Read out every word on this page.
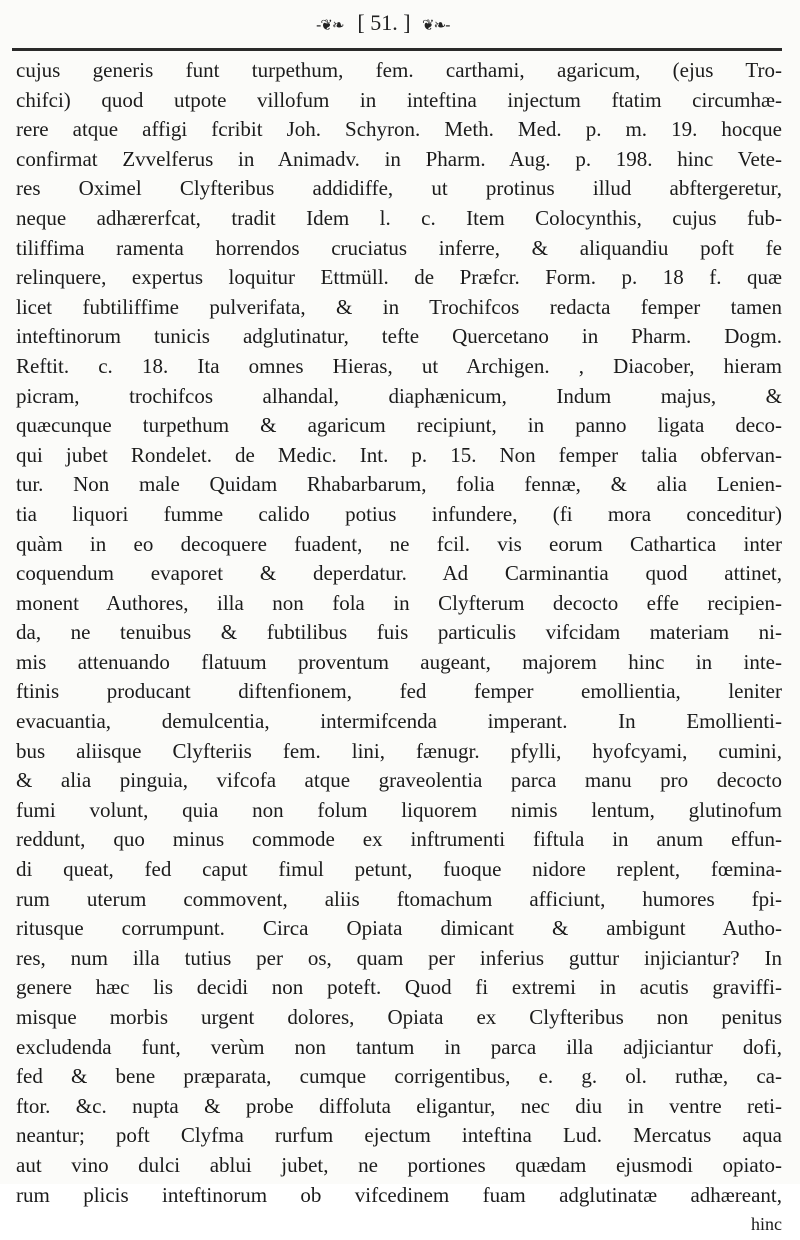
-❦❧ [ 51. ] ❦❧-
cujus generis funt turpethum, fem. carthami, agaricum, (ejus Tro-
chifci) quod utpote villofum in inteftina injectum ftatim circumhæ-
rere atque affigi fcribit Joh. Schyron. Meth. Med. p. m. 19. hocque
confirmat Zvvelferus in Animadv. in Pharm. Aug. p. 198. hinc Vete-
res Oximel Clyfteribus addidiffe, ut protinus illud abftergeretur,
neque adhærerfcat, tradit Idem l. c. Item Colocynthis, cujus fub-
tiliffima ramenta horrendos cruciatus inferre, & aliquandiu poft fe
relinquere, expertus loquitur Ettmüll. de Præfcr. Form. p. 18 f. quæ
licet fubtiliffime pulverifata, & in Trochifcos redacta femper tamen
inteftinorum tunicis adglutinatur, tefte Quercetano in Pharm. Dogm.
Reftit. c. 18. Ita omnes Hieras, ut Archigen. , Diacober, hieram
picram, trochifcos alhandal, diaphænicum, Indum majus, &
quæcunque turpethum & agaricum recipiunt, in panno ligata deco-
qui jubet Rondelet. de Medic. Int. p. 15. Non femper talia obfervan-
tur. Non male Quidam Rhabarbarum, folia fennæ, & alia Lenien-
tia liquori fumme calido potius infundere, (fi mora conceditur)
quàm in eo decoquere fuadent, ne fcil. vis eorum Cathartica inter
coquendum evaporet & deperdatur. Ad Carminantia quod attinet,
monent Authores, illa non fola in Clyfterum decocto effe recipien-
da, ne tenuibus & fubtilibus fuis particulis vifcidam materiam ni-
mis attenuando flatuum proventum augeant, majorem hinc in inte-
ftinis producant diftenfionem, fed femper emollientia, leniter
evacuantia, demulcentia, intermifcenda imperant. In Emollienti-
bus aliisque Clyfteriis fem. lini, fænugr. pfylli, hyofcyami, cumini,
& alia pinguia, vifcofa atque graveolentia parca manu pro decocto
fumi volunt, quia non folum liquorem nimis lentum, glutinofum
reddunt, quo minus commode ex inftrumenti fiftula in anum effun-
di queat, fed caput fimul petunt, fuoque nidore replent, fœmina-
rum uterum commovent, aliis ftomachum afficiunt, humores fpi-
ritusque corrumpunt. Circa Opiata dimicant & ambigunt Autho-
res, num illa tutius per os, quam per inferius guttur injiciantur? In
genere hæc lis decidi non poteft. Quod fi extremi in acutis graviffi-
misque morbis urgent dolores, Opiata ex Clyfteribus non penitus
excludenda funt, verùm non tantum in parca illa adjiciantur dofi,
fed & bene præparata, cumque corrigentibus, e. g. ol. ruthæ, ca-
ftor. &c. nupta & probe diffoluta eligantur, nec diu in ventre reti-
neantur; poft Clyfma rurfum ejectum inteftina Lud. Mercatus aqua
aut vino dulci ablui jubet, ne portiones quædam ejusmodi opiato-
rum plicis inteftinorum ob vifcedinem fuam adglutinatæ adhæreant,
hinc
